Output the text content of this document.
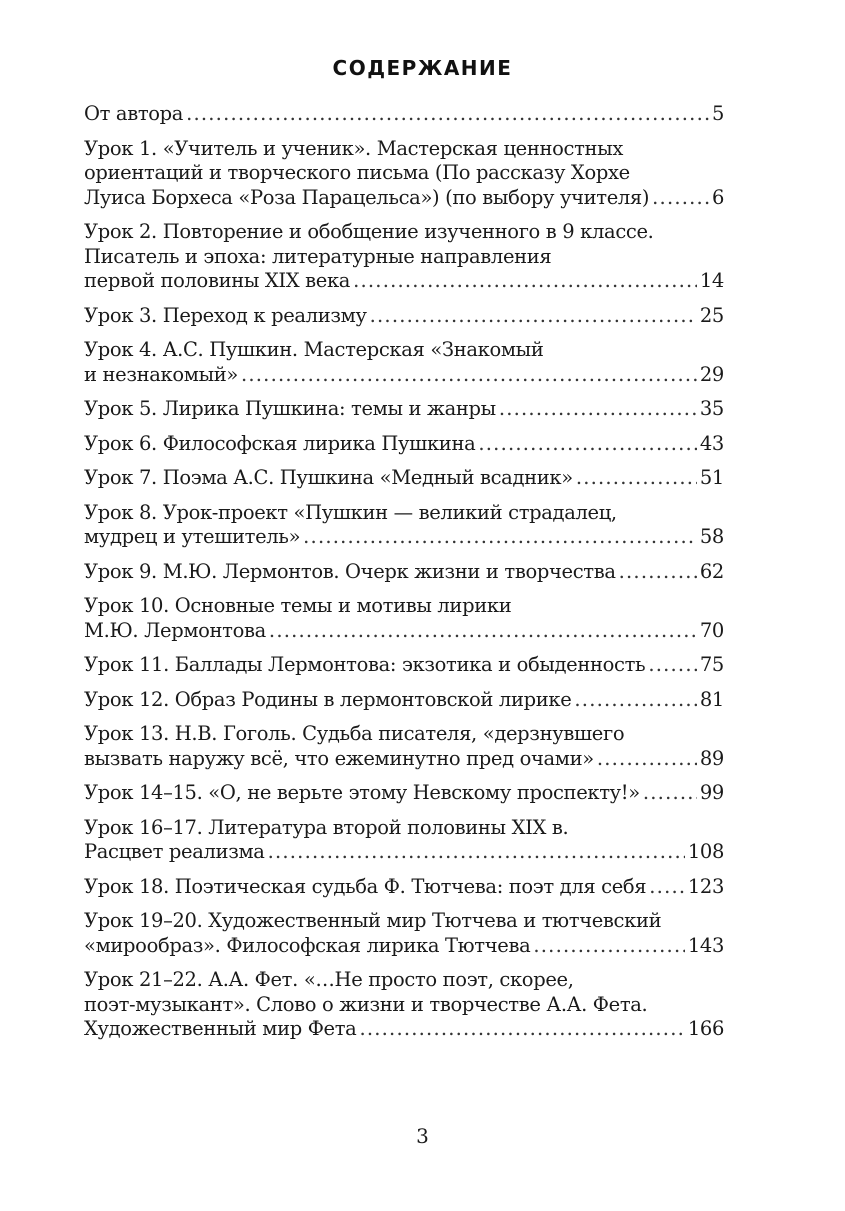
СОДЕРЖАНИЕ
От автора .....	5
Урок 1. «Учитель и ученик». Мастерская ценностных
ориентаций и творческого письма (По рассказу Хорхе
Луиса Борхеса «Роза Парацельса») (по выбору учителя) .....	6
Урок 2. Повторение и обобщение изученного в 9 классе.
Писатель и эпоха: литературные направления
первой половины XIX века .....	14
Урок 3. Переход к реализму .....	25
Урок 4. А.С. Пушкин. Мастерская «Знакомый
и незнакомый» .....	29
Урок 5. Лирика Пушкина: темы и жанры .....	35
Урок 6. Философская лирика Пушкина .....	43
Урок 7. Поэма А.С. Пушкина «Медный всадник» .....	51
Урок 8. Урок-проект «Пушкин — великий страдалец,
мудрец и утешитель» .....	58
Урок 9. М.Ю. Лермонтов. Очерк жизни и творчества .....	62
Урок 10. Основные темы и мотивы лирики
М.Ю. Лермонтова .....	70
Урок 11. Баллады Лермонтова: экзотика и обыденность .....	75
Урок 12. Образ Родины в лермонтовской лирике .....	81
Урок 13. Н.В. Гоголь. Судьба писателя, «дерзнувшего
вызвать наружу всё, что ежеминутно пред очами» .....	89
Урок 14–15. «О, не верьте этому Невскому проспекту!» .....	99
Урок 16–17. Литература второй половины XIX в.
Расцвет реализма .....	108
Урок 18. Поэтическая судьба Ф. Тютчева: поэт для себя ..... 123
Урок 19–20. Художественный мир Тютчева и тютчевский
«мирообраз». Философская лирика Тютчева .....	143
Урок 21–22. А.А. Фет. «…Не просто поэт, скорее,
поэт-музыкант». Слово о жизни и творчестве А.А. Фета.
Художественный мир Фета .....	166
3
